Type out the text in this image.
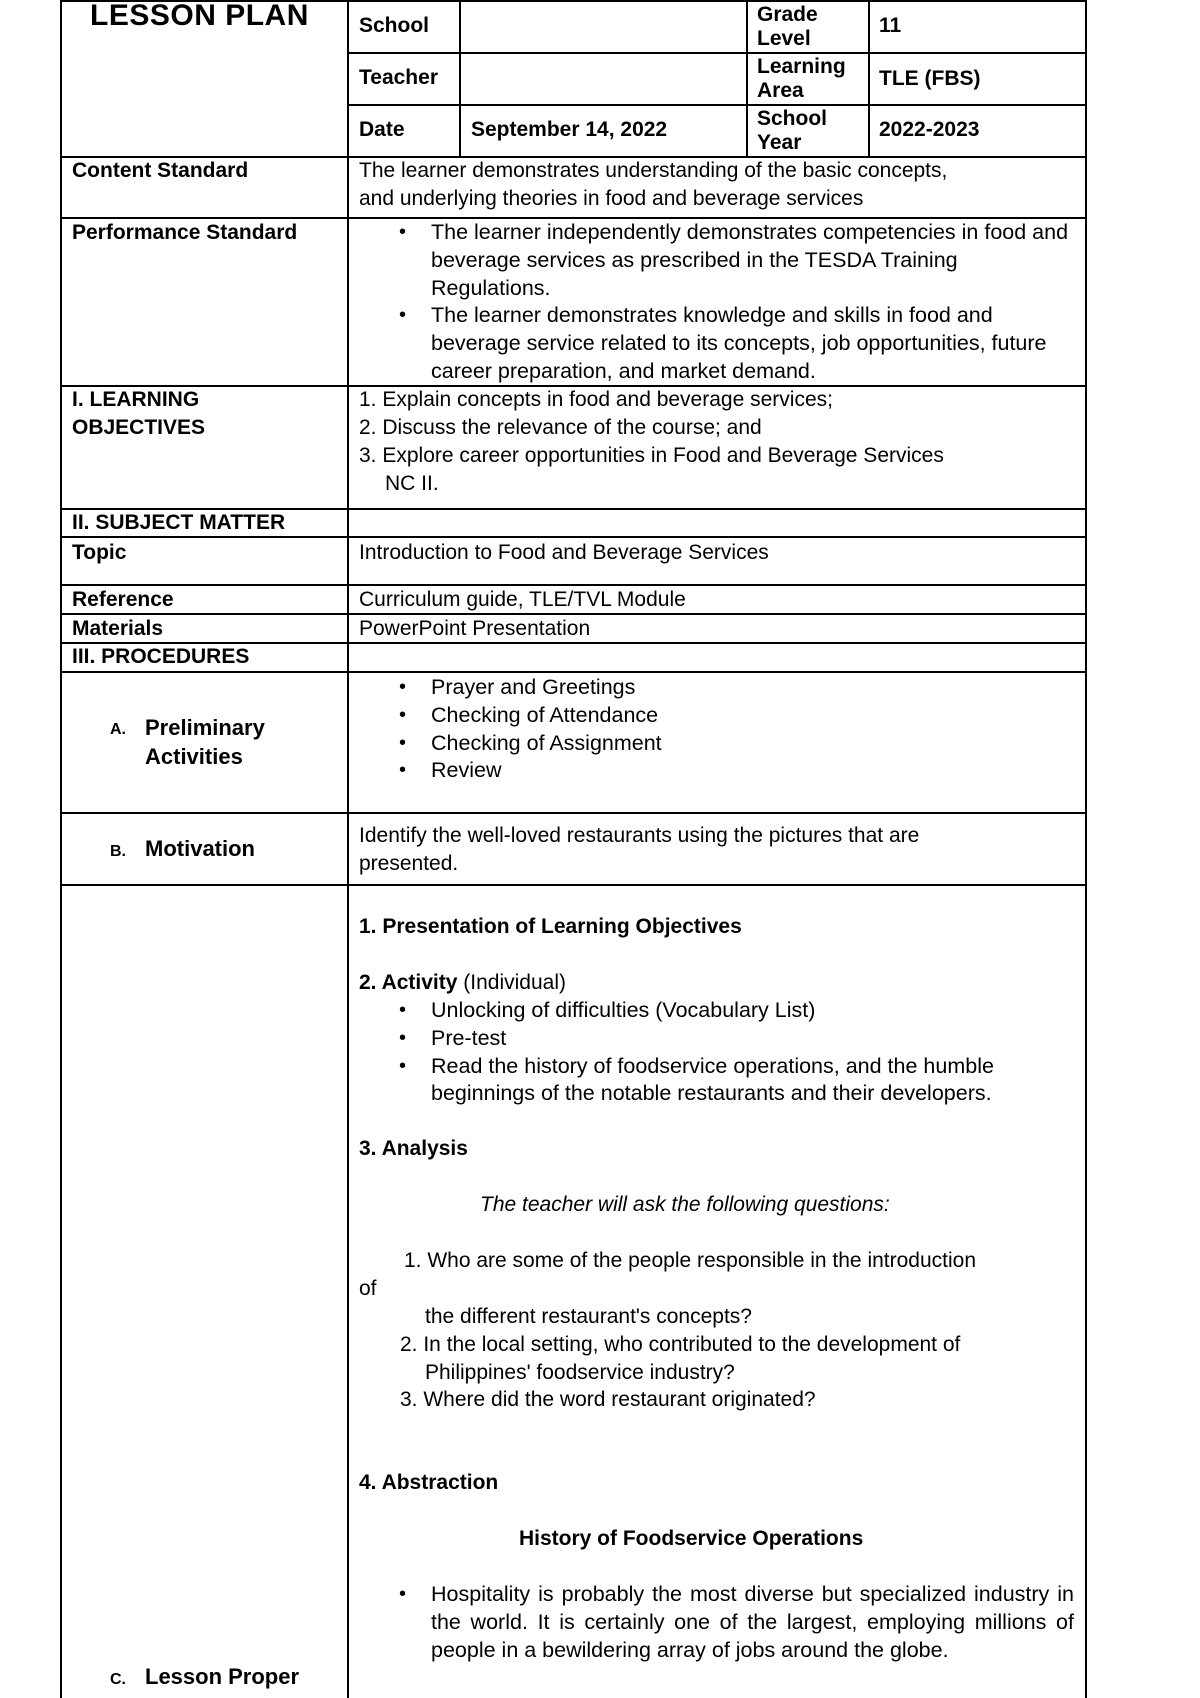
LESSON PLAN School	Grade Level
11
Teacher	Learning Area
TLE (FBS)
Date	September 14, 2022	School Year
2022-2023
Content Standard	The learner demonstrates understanding of the basic concepts,
and underlying theories in food and beverage services
Performance Standard
•	The learner independently demonstrates competencies in food and beverage services as prescribed in the TESDA Training Regulations.
• The learner demonstrates knowledge and skills in food and beverage service related to its concepts, job opportunities, future career preparation, and market demand.
I. LEARNING
OBJECTIVES
1. Explain concepts in food and beverage services;
2. Discuss the relevance of the course; and
3. Explore career opportunities in Food and Beverage Services
NC II.
II. SUBJECT MATTER
Topic	Introduction to Food and Beverage Services
Reference	Curriculum guide, TLE/TVL Module
Materials	PowerPoint Presentation
III. PROCEDURES
A. Preliminary
Activities
• Prayer and Greetings
• Checking of Attendance
• Checking of Assignment
• Review
B. Motivation
Identify the well-loved restaurants using the pictures that are
presented.
C. Lesson Proper
1. Presentation of Learning Objectives
2. Activity (Individual)
• Unlocking of difficulties (Vocabulary List)
• Pre-test
• Read the history of foodservice operations, and the humble beginnings of the notable restaurants and their developers.
3. Analysis
The teacher will ask the following questions:
1. Who are some of the people responsible in the introduction
of
the different restaurant's concepts?
2. In the local setting, who contributed to the development of
Philippines' foodservice industry?
3. Where did the word restaurant originated?
4. Abstraction
History of Foodservice Operations
• Hospitality is probably the most diverse but specialized industry in the world. It is certainly one of the largest, employing millions of people in a bewildering array of jobs around the globe.
